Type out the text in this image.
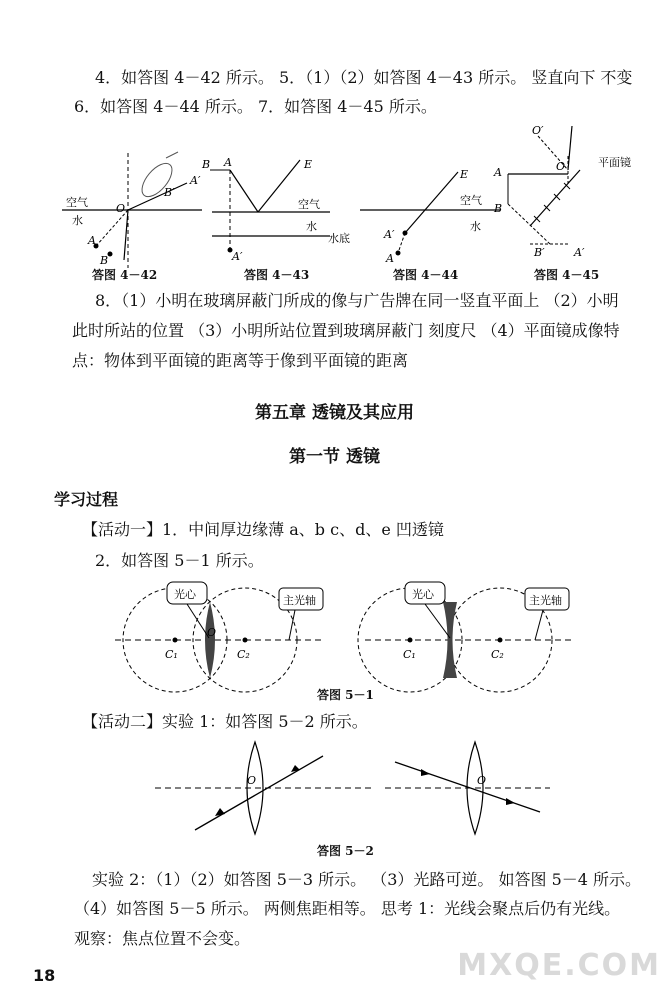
4．如答图 4－42 所示。 5．（1）（2）如答图 4－43 所示。 竖直向下 不变
6．如答图 4－44 所示。 7．如答图 4－45 所示。
空气
水
O
A
B
A′
B′
答图 4－42
B A	E
空气
水
水底
A′
答图 4－43
E
空气
水
A′
A
答图 4－44
O′
O	平面镜
A
B
B′	A′
答图 4－45
8．（1）小明在玻璃屏蔽门所成的像与广告牌在同一竖直平面上 （2）小明
此时所站的位置 （3）小明所站位置到玻璃屏蔽门 刻度尺 （4）平面镜成像特
点：物体到平面镜的距离等于像到平面镜的距离
第五章 透镜及其应用
第一节 透镜
学习过程
【活动一】1．中间厚边缘薄 a、b c、d、e 凹透镜
2．如答图 5－1 所示。
光心	主光轴
C₁
O
C₂
光心	主光轴
C₁	C₂
答图 5－1
【活动二】实验 1：如答图 5－2 所示。
O	O
答图 5－2
实验 2：（1）（2）如答图 5－3 所示。 （3）光路可逆。 如答图 5－4 所示。
（4）如答图 5－5 所示。 两侧焦距相等。 思考 1：光线会聚点后仍有光线。
观察：焦点位置不会变。
18	MXQE.COM
